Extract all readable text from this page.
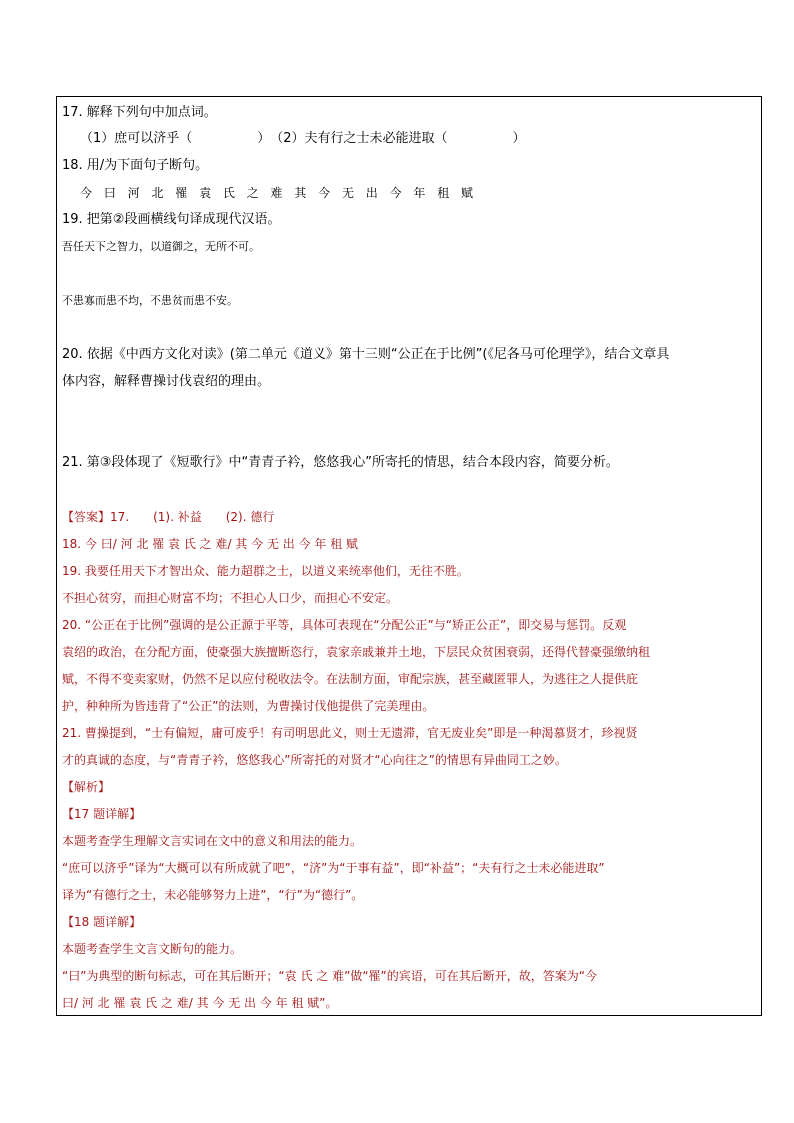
17. 解释下列句中加点词。
（1）庶可以济乎（　　　　　）　（2）夫有行之士未必能进取（　　　　　）
18. 用/为下面句子断句。
今 曰 河 北 罹 袁 氏 之 难 其 今 无 出 今 年 租 赋
19. 把第②段画横线句译成现代汉语。
吾任天下之智力，以道御之，无所不可。
不患寡而患不均，不患贫而患不安。
20. 依据《中西方文化对读》(第二单元《道义》第十三则“公正在于比例”(《尼各马可伦理学》，结合文章具
体内容，解释曹操讨伐袁绍的理由。
21. 第③段体现了《短歌行》中“青青子衿，悠悠我心”所寄托的情思，结合本段内容，简要分析。
【答案】17.　　(1). 补益　　(2). 德行
18. 今 曰/ 河 北 罹 袁 氏 之 难/ 其 今 无 出 今 年 租 赋
19. 我要任用天下才智出众、能力超群之士，以道义来统率他们，无往不胜。
不担心贫穷，而担心财富不均；不担心人口少，而担心不安定。
20. “公正在于比例”强调的是公正源于平等，具体可表现在“分配公正”与“矫正公正”，即交易与惩罚。反观
袁绍的政治，在分配方面，使豪强大族擅断恣行，袁家亲戚兼并土地，下层民众贫困衰弱，还得代替豪强缴纳租
赋，不得不变卖家财，仍然不足以应付税收法令。在法制方面，审配宗族，甚至藏匿罪人，为逃往之人提供庇
护，种种所为皆违背了“公正”的法则，为曹操讨伐他提供了完美理由。
21. 曹操提到，“士有偏短，庸可废乎！有司明思此义，则士无遗滞，官无废业矣”即是一种渴慕贤才，珍视贤
才的真诚的态度，与“青青子衿，悠悠我心”所寄托的对贤才“心向往之”的情思有异曲同工之妙。
【解析】
【17 题详解】
本题考查学生理解文言实词在文中的意义和用法的能力。
“庶可以济乎”译为“大概可以有所成就了吧”，“济”为“于事有益”，即“补益”；“夫有行之士未必能进取”
译为“有德行之士，未必能够努力上进”，“行”为“德行”。
【18 题详解】
本题考查学生文言文断句的能力。
“曰”为典型的断句标志，可在其后断开；“袁 氏 之 难”做“罹”的宾语，可在其后断开，故，答案为“今
曰/ 河 北 罹 袁 氏 之 难/ 其 今 无 出 今 年 租 赋”。
